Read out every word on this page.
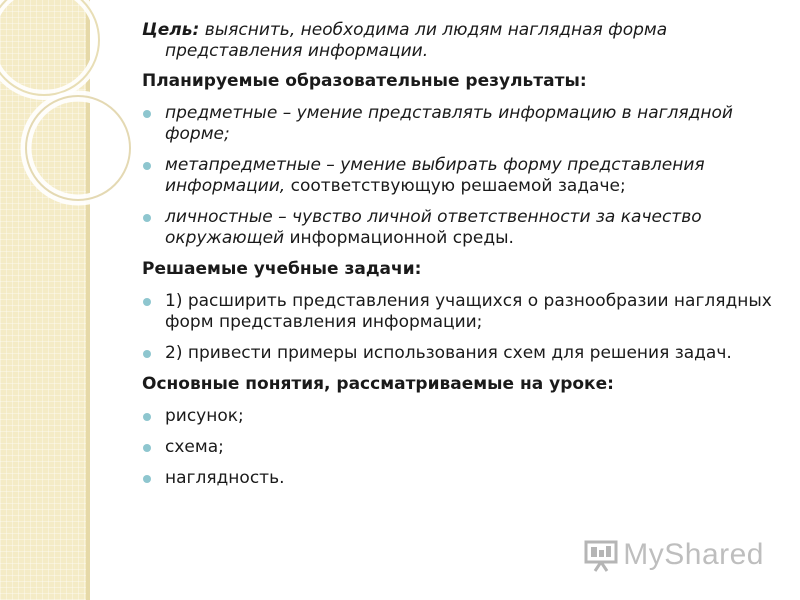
Цель: выяснить, необходима ли людям наглядная форма
представления информации.

Планируемые образовательные результаты:

предметные – умение представлять информацию в наглядной форме;
метапредметные – умение выбирать форму представления информации, соответствующую решаемой задаче;
личностные – чувство личной ответственности за качество окружающей информационной среды.

Решаемые учебные задачи:

1) расширить представления учащихся о разнообразии наглядных форм представления информации;
2) привести примеры использования схем для решения задач.

Основные понятия, рассматриваемые на уроке:

рисунок;
схема;
наглядность.
MyShared
